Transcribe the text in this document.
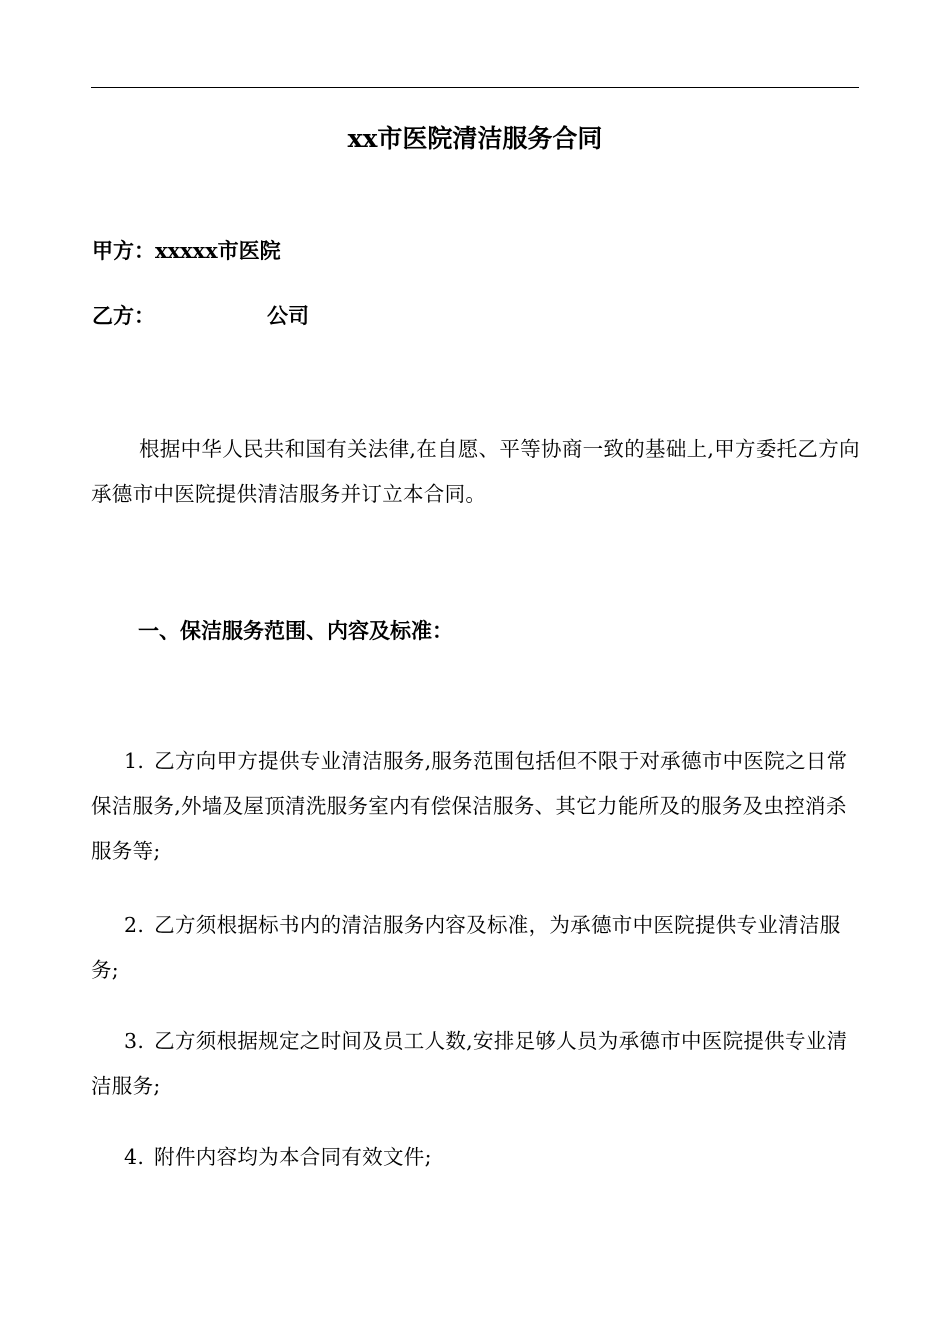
xx市医院清洁服务合同
甲方：xxxxx市医院
乙方：	公司

根据中华人民共和国有关法律,在自愿、平等协商一致的基础上,甲方委托乙方向承德市中医院提供清洁服务并订立本合同。

一、保洁服务范围、内容及标准：

1. 乙方向甲方提供专业清洁服务,服务范围包括但不限于对承德市中医院之日常保洁服务,外墙及屋顶清洗服务室内有偿保洁服务、其它力能所及的服务及虫控消杀服务等;

2. 乙方须根据标书内的清洁服务内容及标准，为承德市中医院提供专业清洁服务;

3. 乙方须根据规定之时间及员工人数,安排足够人员为承德市中医院提供专业清洁服务;

4. 附件内容均为本合同有效文件;
